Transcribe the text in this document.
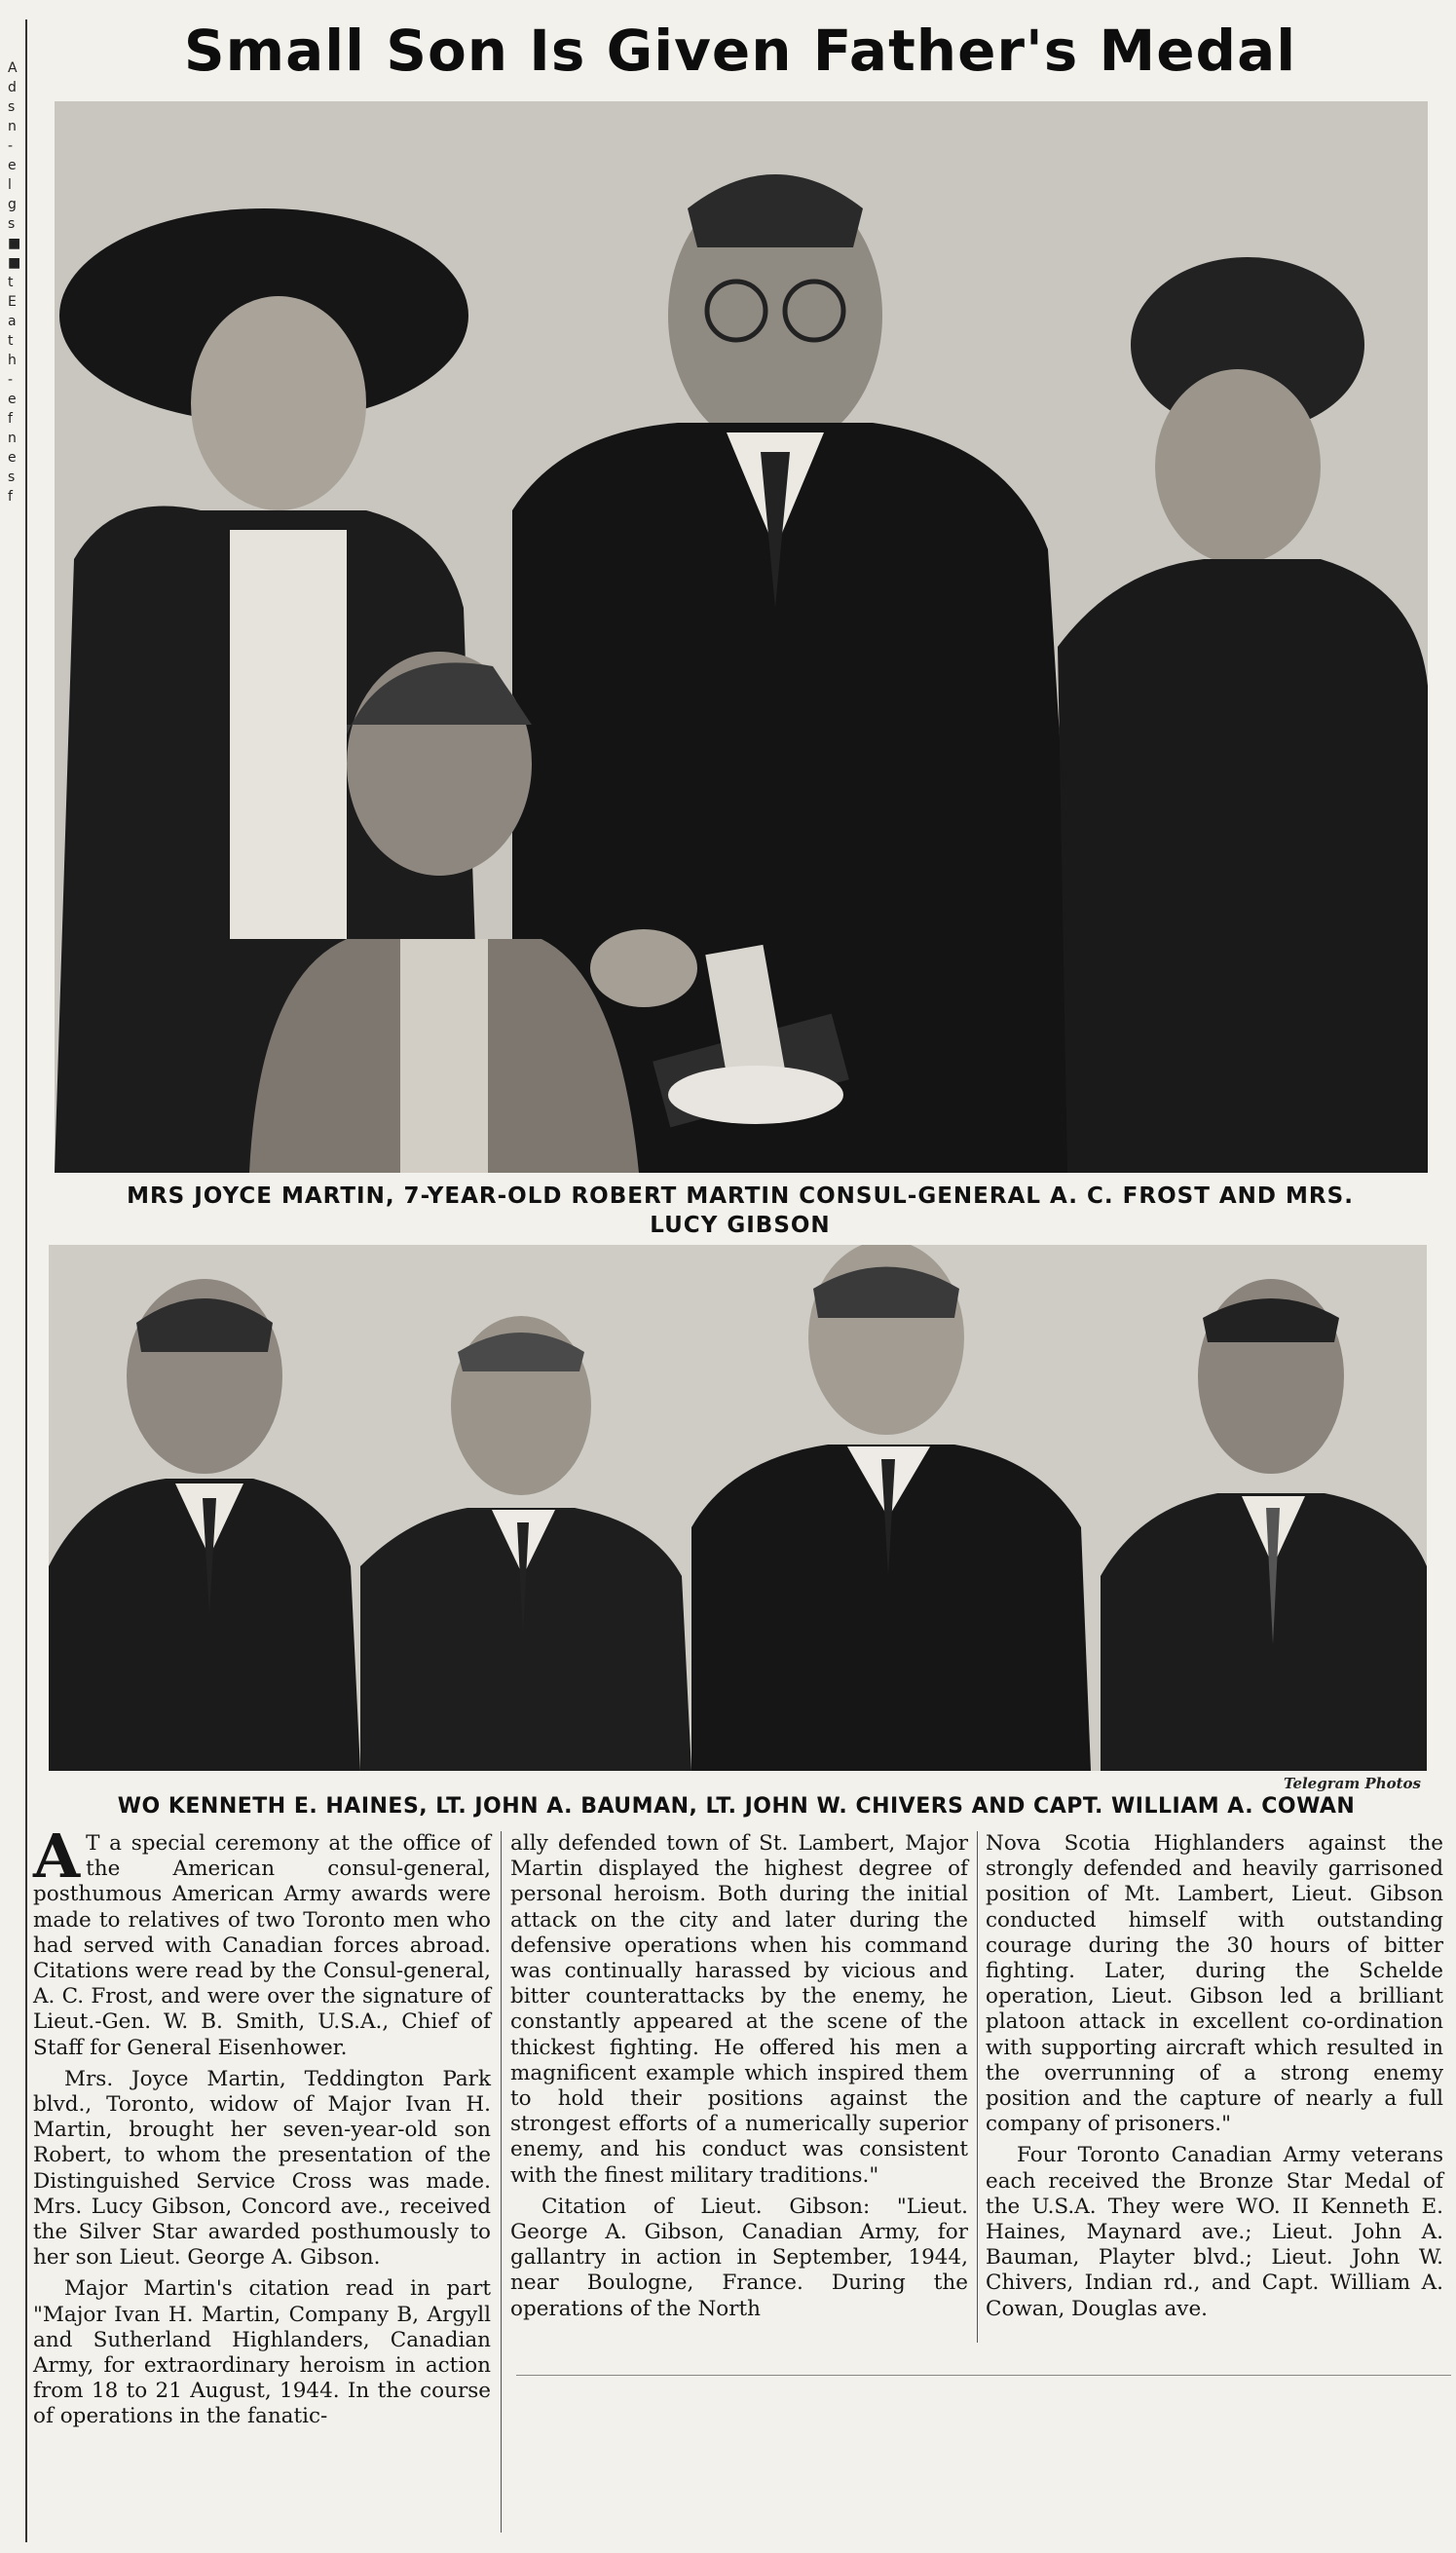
A d s n - e l g s ■ ■ t E a t h - e f n e s f
Small Son Is Given Father's Medal
MRS JOYCE MARTIN, 7-YEAR-OLD ROBERT MARTIN CONSUL-GENERAL A. C. FROST AND MRS. LUCY GIBSON
Telegram Photos
WO KENNETH E. HAINES, LT. JOHN A. BAUMAN, LT. JOHN W. CHIVERS AND CAPT. WILLIAM A. COWAN

A T a special ceremony at the office of the American consul-general, posthumous American Army awards were made to relatives of two Toronto men who had served with Canadian forces abroad. Citations were read by the Consul-general, A. C. Frost, and were over the signature of Lieut.-Gen. W. B. Smith, U.S.A., Chief of Staff for General Eisenhower.

Mrs. Joyce Martin, Teddington Park blvd., Toronto, widow of Major Ivan H. Martin, brought her seven-year-old son Robert, to whom the presentation of the Distinguished Service Cross was made. Mrs. Lucy Gibson, Concord ave., received the Silver Star awarded posthumously to her son Lieut. George A. Gibson.

Major Martin's citation read in part "Major Ivan H. Martin, Company B, Argyll and Sutherland Highlanders, Canadian Army, for extraordinary heroism in action from 18 to 21 August, 1944. In the course of operations in the fanatic-

ally defended town of St. Lambert, Major Martin displayed the highest degree of personal heroism. Both during the initial attack on the city and later during the defensive operations when his command was continually harassed by vicious and bitter counterattacks by the enemy, he constantly appeared at the scene of the thickest fighting. He offered his men a magnificent example which inspired them to hold their positions against the strongest efforts of a numerically superior enemy, and his conduct was consistent with the finest military traditions."

Citation of Lieut. Gibson: "Lieut. George A. Gibson, Canadian Army, for gallantry in action in September, 1944, near Boulogne, France. During the operations of the North

Nova Scotia Highlanders against the strongly defended and heavily garrisoned position of Mt. Lambert, Lieut. Gibson conducted himself with outstanding courage during the 30 hours of bitter fighting. Later, during the Schelde operation, Lieut. Gibson led a brilliant platoon attack in excellent co-ordination with supporting aircraft which resulted in the overrunning of a strong enemy position and the capture of nearly a full company of prisoners."

Four Toronto Canadian Army veterans each received the Bronze Star Medal of the U.S.A. They were WO. II Kenneth E. Haines, Maynard ave.; Lieut. John A. Bauman, Playter blvd.; Lieut. John W. Chivers, Indian rd., and Capt. William A. Cowan, Douglas ave.
